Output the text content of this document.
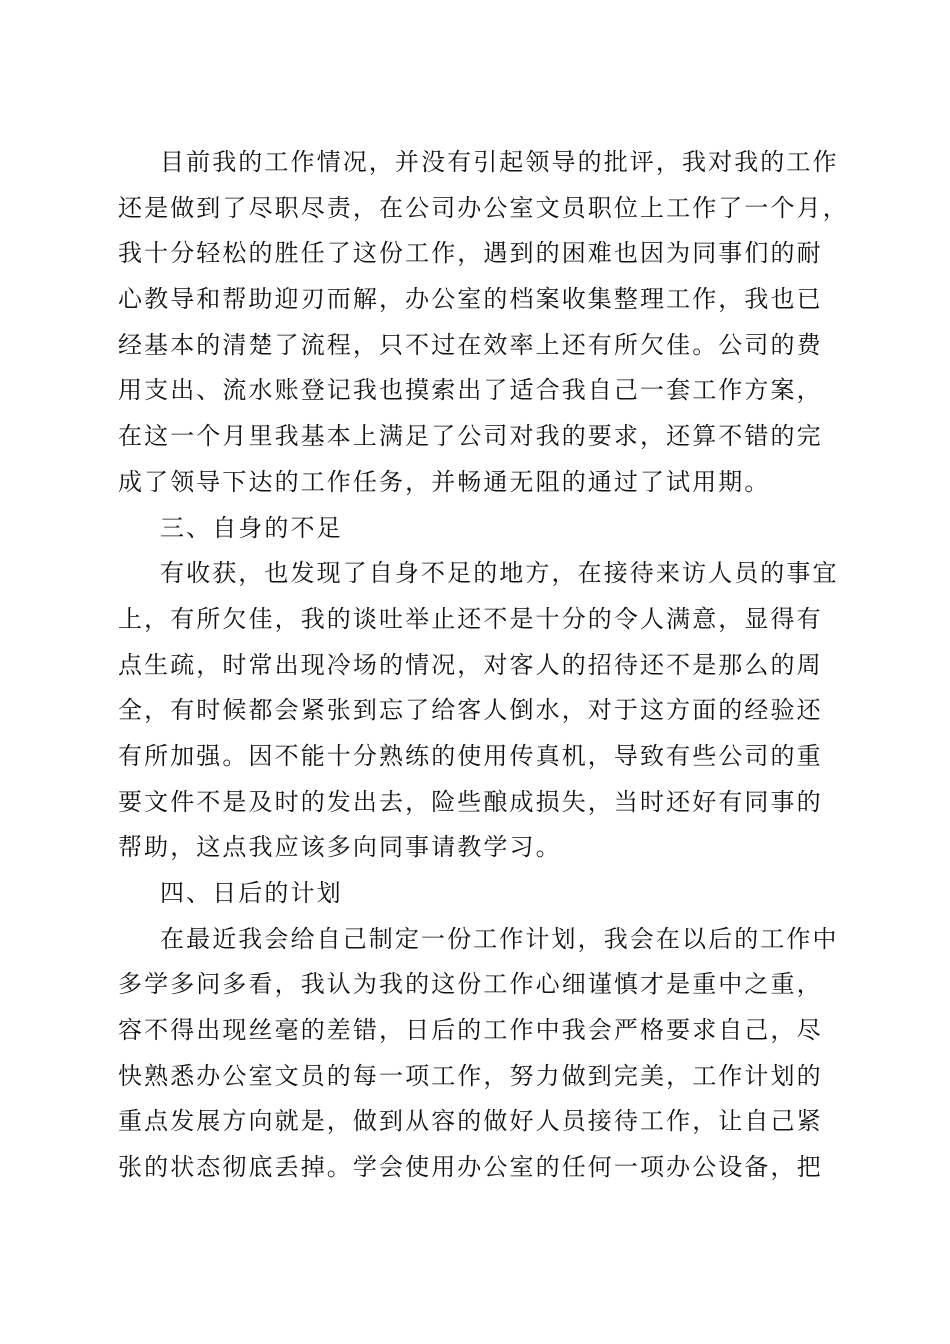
目前我的工作情况，并没有引起领导的批评，我对我的工作
还是做到了尽职尽责，在公司办公室文员职位上工作了一个月，
我十分轻松的胜任了这份工作，遇到的困难也因为同事们的耐
心教导和帮助迎刃而解，办公室的档案收集整理工作，我也已
经基本的清楚了流程，只不过在效率上还有所欠佳。公司的费
用支出、流水账登记我也摸索出了适合我自己一套工作方案，
在这一个月里我基本上满足了公司对我的要求，还算不错的完
成了领导下达的工作任务，并畅通无阻的通过了试用期。
三、自身的不足
有收获，也发现了自身不足的地方，在接待来访人员的事宜
上，有所欠佳，我的谈吐举止还不是十分的令人满意，显得有
点生疏，时常出现冷场的情况，对客人的招待还不是那么的周
全，有时候都会紧张到忘了给客人倒水，对于这方面的经验还
有所加强。因不能十分熟练的使用传真机，导致有些公司的重
要文件不是及时的发出去，险些酿成损失，当时还好有同事的
帮助，这点我应该多向同事请教学习。
四、日后的计划
在最近我会给自己制定一份工作计划，我会在以后的工作中
多学多问多看，我认为我的这份工作心细谨慎才是重中之重，
容不得出现丝毫的差错，日后的工作中我会严格要求自己，尽
快熟悉办公室文员的每一项工作，努力做到完美，工作计划的
重点发展方向就是，做到从容的做好人员接待工作，让自己紧
张的状态彻底丢掉。学会使用办公室的任何一项办公设备，把
